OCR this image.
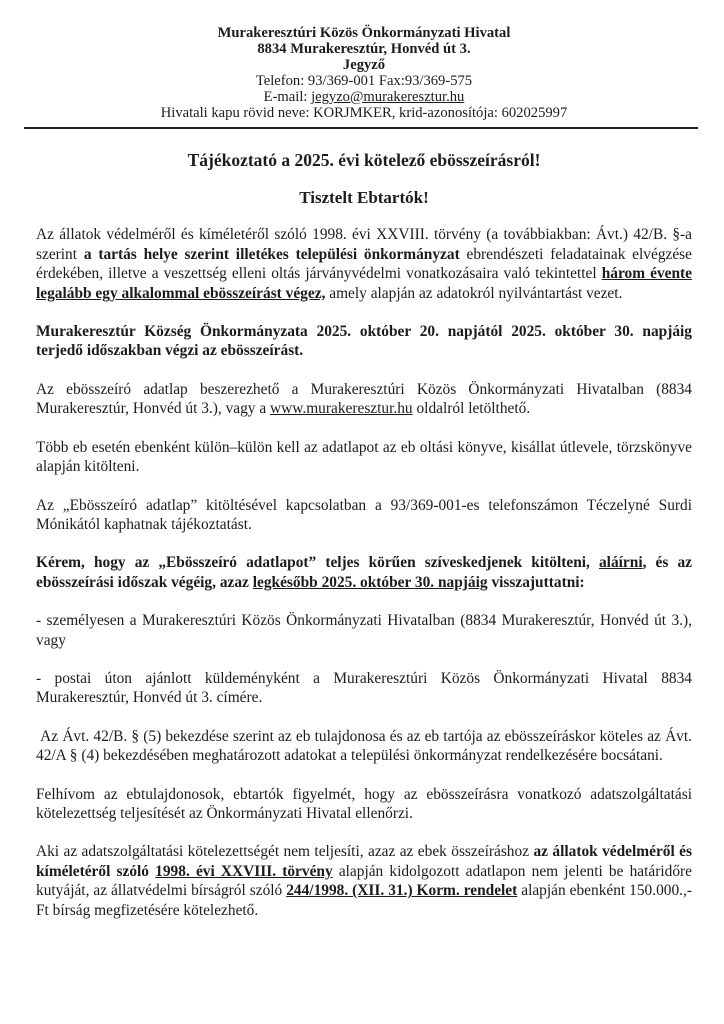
Murakeresztúri Közös Önkormányzati Hivatal
8834 Murakeresztúr, Honvéd út 3.
Jegyző
Telefon: 93/369-001 Fax:93/369-575
E-mail: jegyzo@murakeresztur.hu
Hivatali kapu rövid neve: KORJMKER, krid-azonosítója: 602025997
Tájékoztató a 2025. évi kötelező ebösszeírásról!
Tisztelt Ebtartók!

Az állatok védelméről és kíméletéről szóló 1998. évi XXVIII. törvény (a továbbiakban: Ávt.) 42/B. §-a szerint a tartás helye szerint illetékes települési önkormányzat ebrendészeti feladatainak elvégzése érdekében, illetve a veszettség elleni oltás járványvédelmi vonatkozásaira való tekintettel három évente legalább egy alkalommal ebösszeírást végez, amely alapján az adatokról nyilvántartást vezet.

Murakeresztúr Község Önkormányzata 2025. október 20. napjától 2025. október 30. napjáig terjedő időszakban végzi az ebösszeírást.

Az ebösszeíró adatlap beszerezhető a Murakeresztúri Közös Önkormányzati Hivatalban (8834 Murakeresztúr, Honvéd út 3.), vagy a www.murakeresztur.hu oldalról letölthető.

Több eb esetén ebenként külön–külön kell az adatlapot az eb oltási könyve, kisállat útlevele, törzskönyve alapján kitölteni.

Az „Ebösszeíró adatlap” kitöltésével kapcsolatban a 93/369-001-es telefonszámon Téczelyné Surdi Mónikától kaphatnak tájékoztatást.

Kérem, hogy az „Ebösszeíró adatlapot” teljes körűen szíveskedjenek kitölteni, aláírni, és az ebösszeírási időszak végéig, azaz legkésőbb 2025. október 30. napjáig visszajuttatni:

- személyesen a Murakeresztúri Közös Önkormányzati Hivatalban (8834 Murakeresztúr, Honvéd út 3.), vagy

- postai úton ajánlott küldeményként a Murakeresztúri Közös Önkormányzati Hivatal 8834 Murakeresztúr, Honvéd út 3. címére.

Az Ávt. 42/B. § (5) bekezdése szerint az eb tulajdonosa és az eb tartója az ebösszeíráskor köteles az Ávt. 42/A § (4) bekezdésében meghatározott adatokat a települési önkormányzat rendelkezésére bocsátani.

Felhívom az ebtulajdonosok, ebtartók figyelmét, hogy az ebösszeírásra vonatkozó adatszolgáltatási kötelezettség teljesítését az Önkormányzati Hivatal ellenőrzi.

Aki az adatszolgáltatási kötelezettségét nem teljesíti, azaz az ebek összeíráshoz az állatok védelméről és kíméletéről szóló 1998. évi XXVIII. törvény alapján kidolgozott adatlapon nem jelenti be határidőre kutyáját, az állatvédelmi bírságról szóló 244/1998. (XII. 31.) Korm. rendelet alapján ebenként 150.000.,-Ft bírság megfizetésére kötelezhető.
